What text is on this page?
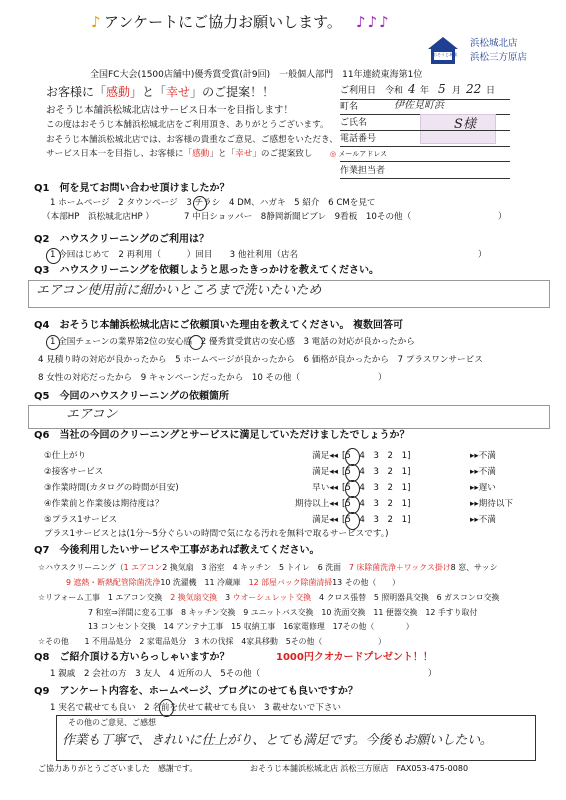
♪ アンケートにご協力お願いします。 ♪♪♪
おそうじ本舗
浜松城北店
浜松三方原店
全国FC大会(1500店舗中)優秀賞受賞(計9回)　一般個人部門　11年連続東海第1位
お客様に「感動」と「幸せ」のご提案！！
おそうじ本舗浜松城北店はサービス日本一を目指します！
この度はおそうじ本舗浜松城北店をご利用頂き、ありがとうございます。
おそうじ本舗浜松城北店では、お客様の貴重なご意見、ご感想をいただき、
サービス日本一を目指し、お客様に「感動」と「幸せ」のご提案致し
ご利用日　令和 4 年 5 月 22 日
町名	伊佐見町浜
ご氏名	S様
電話番号
◎ メールアドレス
作業担当者
Q1　何を見てお問い合わせ頂けましたか？
1 ホームページ　2 タウンページ　3 チラシ　4 DM、ハガキ　5 紹介　6 CMを見て
（本部HP　浜松城北店HP ）　　　　7 中日ショッパー　8静岡新聞ピブレ　9看板　10その他（	）
Q2　ハウスクリーニングのご利用は？
1 今回はじめて　2 再利用（　　　）回目　　3 他社利用（店名	）
Q3　ハウスクリーニングを依頼しようと思ったきっかけを教えてください。
エアコン使用前に細かいところまで洗いたいため
Q4　おそうじ本舗浜松城北店にご依頼頂いた理由を教えてください。 複数回答可
1 全国チェーンの業界第2位の安心感　2 優秀賞受賞店の安心感　3 電話の対応が良かったから
4 見積り時の対応が良かったから　5 ホームページが良かったから　6 価格が良かったから　7 プラスワンサービス
8 女性の対応だったから　9 キャンペーンだったから　10 その他（	）
Q5　今回のハウスクリーニングの依頼箇所
エアコン
Q6　当社の今回のクリーニングとサービスに満足していただけましたでしょうか？
①仕上がり	満足◂◂ [5　4　3　2　1]	▸▸不満
②接客サービス	満足◂◂ [5　4　3　2　1]	▸▸不満
③作業時間(カタログの時間が目安)	早い◂◂ [5　4　3　2　1]	▸▸遅い
④作業前と作業後は期待度は？	期待以上◂◂ [5　4　3　2　1]	▸▸期待以下
⑤プラス1サービス	満足◂◂ [5　4　3　2　1]	▸▸不満
プラス1サービスとは(1分～5分ぐらいの時間で気になる汚れを無料で取るサービスです。)
Q7　今後利用したいサービスや工事があれば教えてください。
☆ハウスクリーニング（1 エアコン2 換気扇　3 浴室　4 キッチン　5 トイレ　6 洗面　7 床除菌洗浄＋ワックス掛け8 窓、サッシ
9 遮熱・断熱配管除菌洗浄10 洗濯機　11 冷蔵庫　12 部屋バック除菌清掃13 その他（　　）
☆リフォーム工事　1 エアコン交換　2 換気扇交換　3 ウオーシュレット交換　4 クロス張替　5 照明器具交換　6 ガスコンロ交換
7 和室⇒洋間に変る工事　8 キッチン交換　9 ユニットバス交換　10 洗面交換　11 便器交換　12 手すり取付
13 コンセント交換　14 アンテナ工事　15 収納工事　16家電修理　17その他（　　　　）
☆その他　　1 不用品処分　2 家電品処分　3 木の伐採　4家具移動　5その他（	）
Q8　ご紹介頂ける方いらっしゃいますか？	1000円クオカードプレゼント！！
1 親戚　2 会社の方　3 友人　4 近所の人　5その他（	）
Q9　アンケート内容を、ホームページ、ブログにのせても良いですか？
1 実名で載せても良い　2 名前を伏せて載せても良い　3 載せないで下さい
その他のご意見、ご感想
作業も丁寧で、きれいに仕上がり、とても満足です。今後もお願いしたい。
ご協力ありがとうございました　感謝です。	おそうじ本舗浜松城北店 浜松三方原店　FAX053-475-0080
